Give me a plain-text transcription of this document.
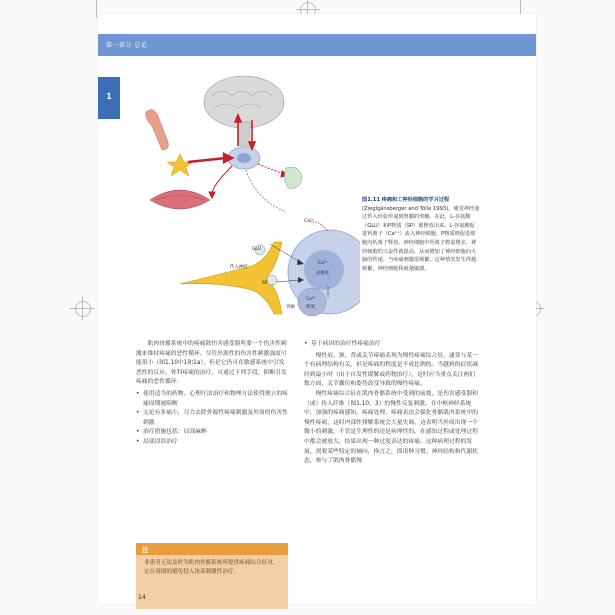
第一部分 总论
1
传入神经
突触
GLU
SP
Ca²⁺
Ca²⁺
去极化
Ca²⁺
释放
图1.11 疼痛和工神经细胞的学习过程 (Zieglgänsberger and Tölle 1993)。痛觉神经通过传入经验传递到脊髓的突触。在此，L-谷氨酸（GLU）和P物质（SP）被释放出来。L-谷氨酸促进钙离子（Ca²⁺）流入神经细胞，P物质则促进细胞内钙离子释放。神经细胞中钙离子数量增多，神经细胞的兴奋性就提高，从而增加了神经细胞向大脑的传递。当疼痛刺激很频繁，这种情况发生得越频繁，神经细胞和就越敏感。

肌肉骨骼系统中的疼痛除伤害感受器所要一个伤害性刺激来维持疼痛的恶性循环。尽管外源性的伤害性刺激强度可能很小（图1.10中1和1a），但是它仍可在敏感系统中引发恶性的反应。骨科疼痛的治疗，可通过下列手段，阻断引发疼痛的恶性循环：

• 使用适当的药物、心理疗法治疗和物理方法使得独立的疼痛周期被阻断
• 无论有多痛小，尽力去除外源性疼痛刺激及外周的伤害性刺激
• 治疗措施包括：局部麻醉
• 局部浸浴治疗
注
非患者无法及时为肌肉骨骼系统所提供疼痛综合征对，定在周围的避免侵入该部刺激性治疗。
• 基于病因的治疗性疼痛治疗

慢性肩、颈、背或关节疼痛表现为慢性疼痛综合征，通常与某一个有病理结构有关，但是疼痛的程度是不成比例的。当越到的症状减轻到最小时（由于自发性缓解或药物治疗），这时应当重点关注两们数方面，关节囊位和姿势改变导致的慢性疼痛。

慢性疼痛综合征在肌肉骨骼系统中受到的前提，是伤害感受器和（或）传入纤维（图1.10，3）的慢性反复刺激。在中枢神经系统中，加强的疼痛感知，疼痛处理，疼痛表达会强化骨骼肌肉系统中的慢性疼痛，这时内部性排解系统会大量失调。这表明当外周出现一个微小的刺激，不管是生理性的还是病理性的，在感知过程或处理过程中都会被放大，结果出现一种过度表达的疼痛。这种病理过程的发展，需要某些特定的倾向，换言之，即诸种习惯、神经结构和代谢状态，参与了肌肉骨骼慢

14
